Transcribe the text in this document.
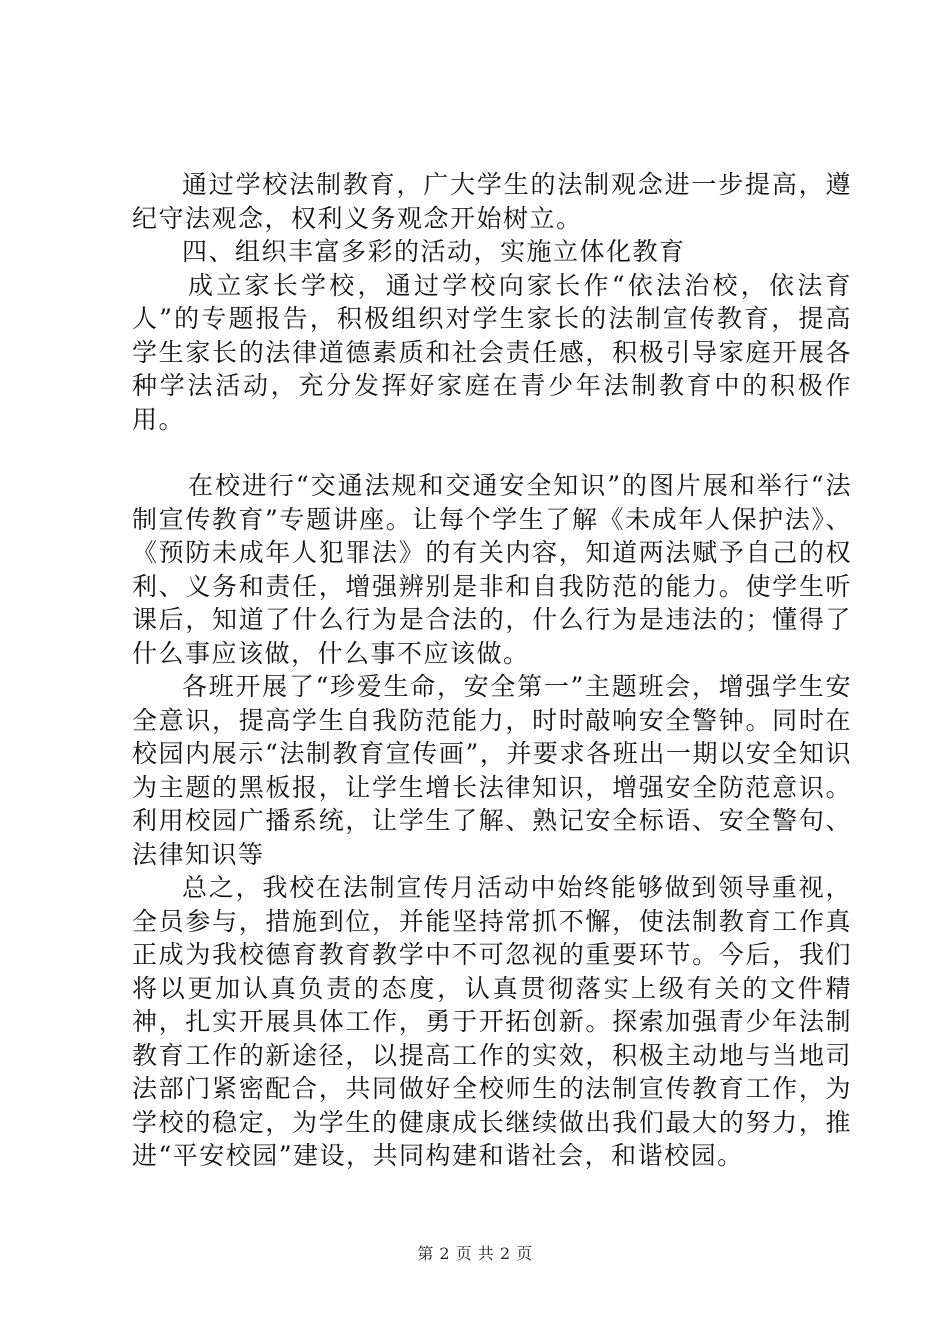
通过学校法制教育，广大学生的法制观念进一步提高，遵纪守法观念，权利义务观念开始树立。

四、组织丰富多彩的活动，实施立体化教育

成立家长学校，通过学校向家长作“依法治校，依法育人”的专题报告，积极组织对学生家长的法制宣传教育，提高学生家长的法律道德素质和社会责任感，积极引导家庭开展各种学法活动，充分发挥好家庭在青少年法制教育中的积极作用。

在校进行“交通法规和交通安全知识”的图片展和举行“法制宣传教育”专题讲座。让每个学生了解《未成年人保护法》、《预防未成年人犯罪法》的有关内容，知道两法赋予自己的权利、义务和责任，增强辨别是非和自我防范的能力。使学生听课后，知道了什么行为是合法的，什么行为是违法的；懂得了什么事应该做，什么事不应该做。

各班开展了“珍爱生命，安全第一”主题班会，增强学生安全意识，提高学生自我防范能力，时时敲响安全警钟。同时在校园内展示“法制教育宣传画”，并要求各班出一期以安全知识为主题的黑板报，让学生增长法律知识，增强安全防范意识。利用校园广播系统，让学生了解、熟记安全标语、安全警句、法律知识等

总之，我校在法制宣传月活动中始终能够做到领导重视，全员参与，措施到位，并能坚持常抓不懈，使法制教育工作真正成为我校德育教育教学中不可忽视的重要环节。今后，我们将以更加认真负责的态度，认真贯彻落实上级有关的文件精神，扎实开展具体工作，勇于开拓创新。探索加强青少年法制教育工作的新途径，以提高工作的实效，积极主动地与当地司法部门紧密配合，共同做好全校师生的法制宣传教育工作，为学校的稳定，为学生的健康成长继续做出我们最大的努力，推进“平安校园”建设，共同构建和谐社会，和谐校园。

第 2 页 共 2 页
